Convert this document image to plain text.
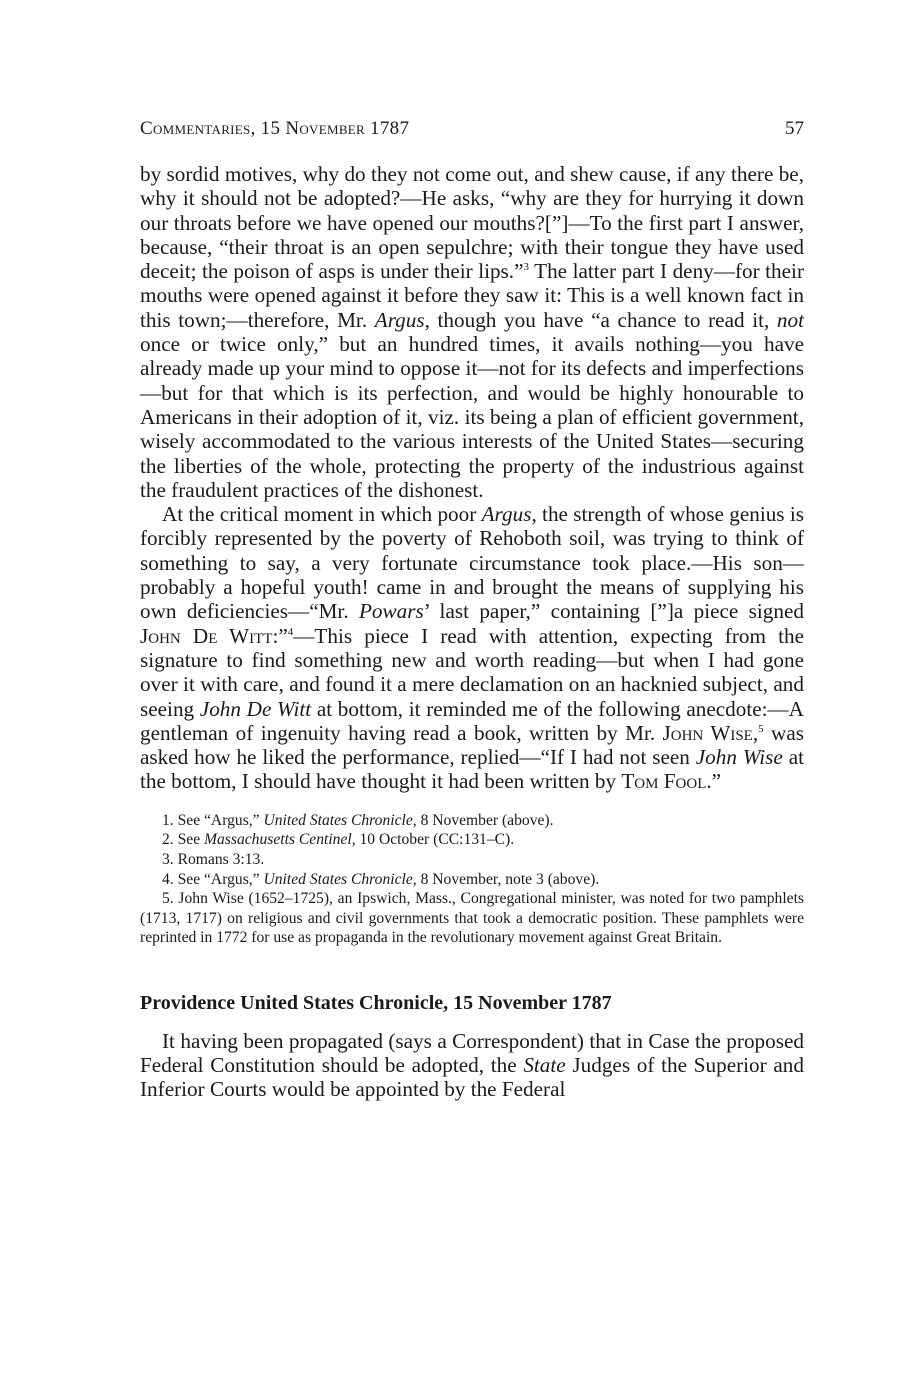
Commentaries, 15 November 1787	57

by sordid motives, why do they not come out, and shew cause, if any there be, why it should not be adopted?—He asks, “why are they for hurrying it down our throats before we have opened our mouths?[”]—To the first part I answer, because, “their throat is an open sepulchre; with their tongue they have used deceit; the poison of asps is under their lips.”$^3$ The latter part I deny—for their mouths were opened against it before they saw it: This is a well known fact in this town;—therefore, Mr. Argus, though you have “a chance to read it, not once or twice only,” but an hundred times, it avails nothing—you have already made up your mind to oppose it—not for its defects and imperfections—but for that which is its perfection, and would be highly honourable to Americans in their adoption of it, viz. its being a plan of efficient government, wisely accommodated to the various interests of the United States—securing the liberties of the whole, protecting the property of the industrious against the fraudulent practices of the dishonest.

At the critical moment in which poor Argus, the strength of whose genius is forcibly represented by the poverty of Rehoboth soil, was trying to think of something to say, a very fortunate circumstance took place.—His son—probably a hopeful youth! came in and brought the means of supplying his own deficiencies—“Mr. Powars’ last paper,” containing [”]a piece signed John De Witt:”$^4$—This piece I read with attention, expecting from the signature to find something new and worth reading—but when I had gone over it with care, and found it a mere declamation on an hacknied subject, and seeing John De Witt at bottom, it reminded me of the following anecdote:—A gentleman of ingenuity having read a book, written by Mr. John Wise,$^5$ was asked how he liked the performance, replied—“If I had not seen John Wise at the bottom, I should have thought it had been written by Tom Fool.”

1. See “Argus,” United States Chronicle, 8 November (above).
2. See Massachusetts Centinel, 10 October (CC:131–C).
3. Romans 3:13.
4. See “Argus,” United States Chronicle, 8 November, note 3 (above).
5. John Wise (1652–1725), an Ipswich, Mass., Congregational minister, was noted for two pamphlets (1713, 1717) on religious and civil governments that took a democratic position. These pamphlets were reprinted in 1772 for use as propaganda in the revolutionary movement against Great Britain.
Providence United States Chronicle, 15 November 1787

It having been propagated (says a Correspondent) that in Case the proposed Federal Constitution should be adopted, the State Judges of the Superior and Inferior Courts would be appointed by the Federal
